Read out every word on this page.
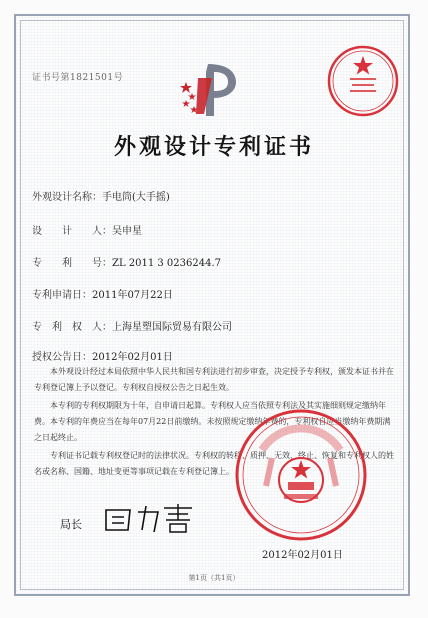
证书号第1821501号
外观设计专利证书
外观设计名称：手电筒(大手摇)
设　　计　　人：吴申星
专　　利　　号：ZL 2011 3 0236244.7
专利申请日：2011年07月22日
专　利　权　人：上海星塑国际贸易有限公司
授权公告日：2012年02月01日

本外观设计经过本局依照中华人民共和国专利法进行初步审查，决定授予专利权，颁发本证书并在专利登记簿上予以登记。专利权自授权公告之日起生效。

本专利的专利权期限为十年，自申请日起算。专利权人应当依照专利法及其实施细则规定缴纳年费。本专利的年费应当在每年07月22日前缴纳。未按照规定缴纳年费的，专利权自应当缴纳年费期满之日起终止。

专利证书记载专利权登记时的法律状况。专利权的转移、质押、无效、终止、恢复和专利权人的姓名或名称、国籍、地址变更等事项记载在专利登记簿上。

局长
2012年02月01日
第1页（共1页）
